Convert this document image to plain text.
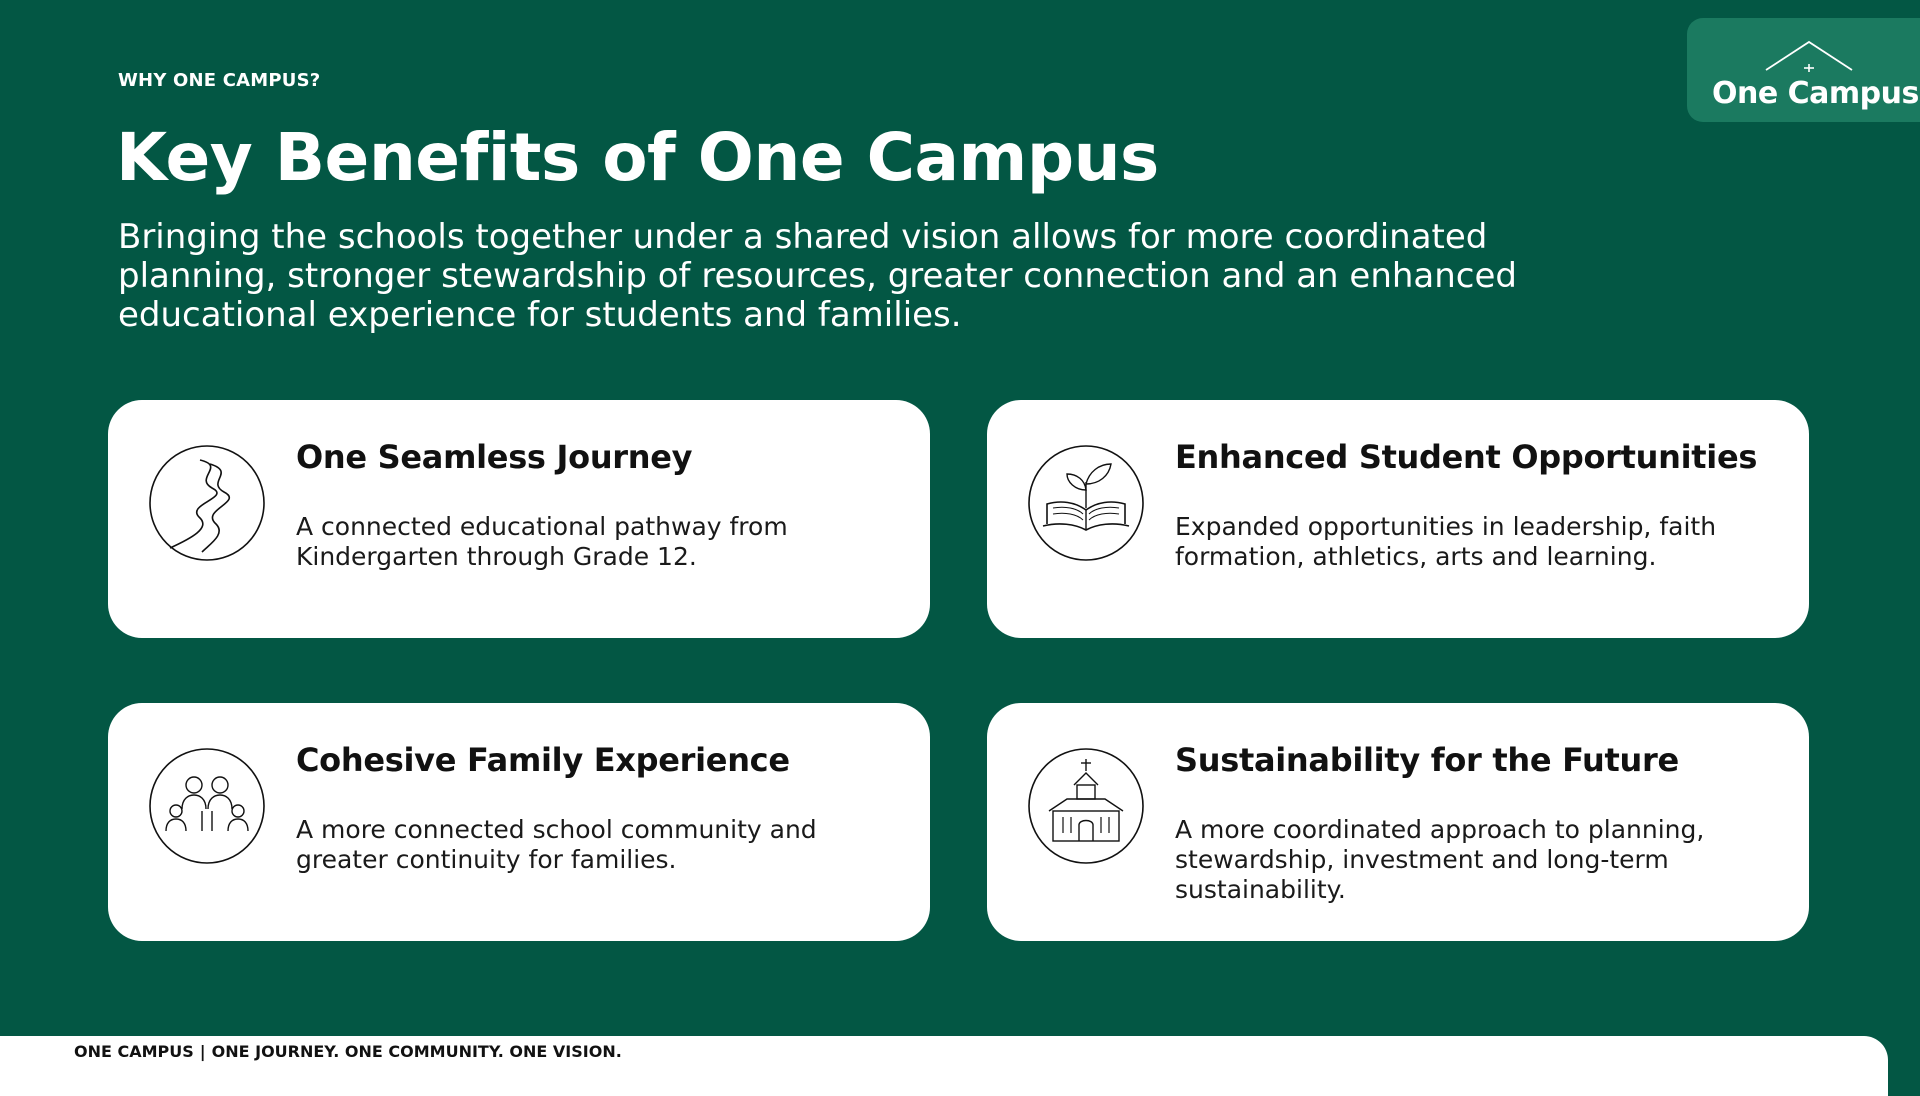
WHY ONE CAMPUS?
Key Benefits of One Campus

Bringing the schools together under a shared vision allows for more coordinated planning, stronger stewardship of resources, greater connection and an enhanced educational experience for students and families.

One Campus
One Seamless Journey

A connected educational pathway from Kindergarten through Grade 12.

Enhanced Student Opportunities

Expanded opportunities in leadership, faith formation, athletics, arts and learning.

Cohesive Family Experience

A more connected school community and greater continuity for families.

Sustainability for the Future

A more coordinated approach to planning, stewardship, investment and long-term sustainability.

ONE CAMPUS | ONE JOURNEY. ONE COMMUNITY. ONE VISION.
